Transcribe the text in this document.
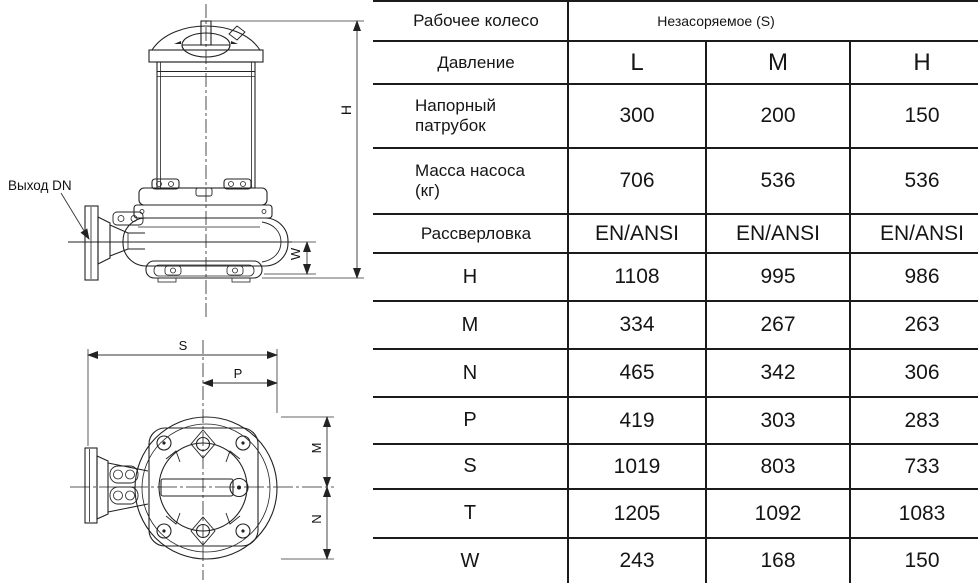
Выход DN
H
W
S
P
M
N
Рабочее колесо	Незасоряемое (S)		
Давление	L	M	H
Напорный патрубок	300	200	150
Масса насоса (кг)	706	536	536
Рассверловка	EN/ANSI	EN/ANSI	EN/ANSI
H	1108	995	986
M	334	267	263
N	465	342	306
P	419	303	283
S	1019	803	733
T	1205	1092	1083
W	243	168	150
